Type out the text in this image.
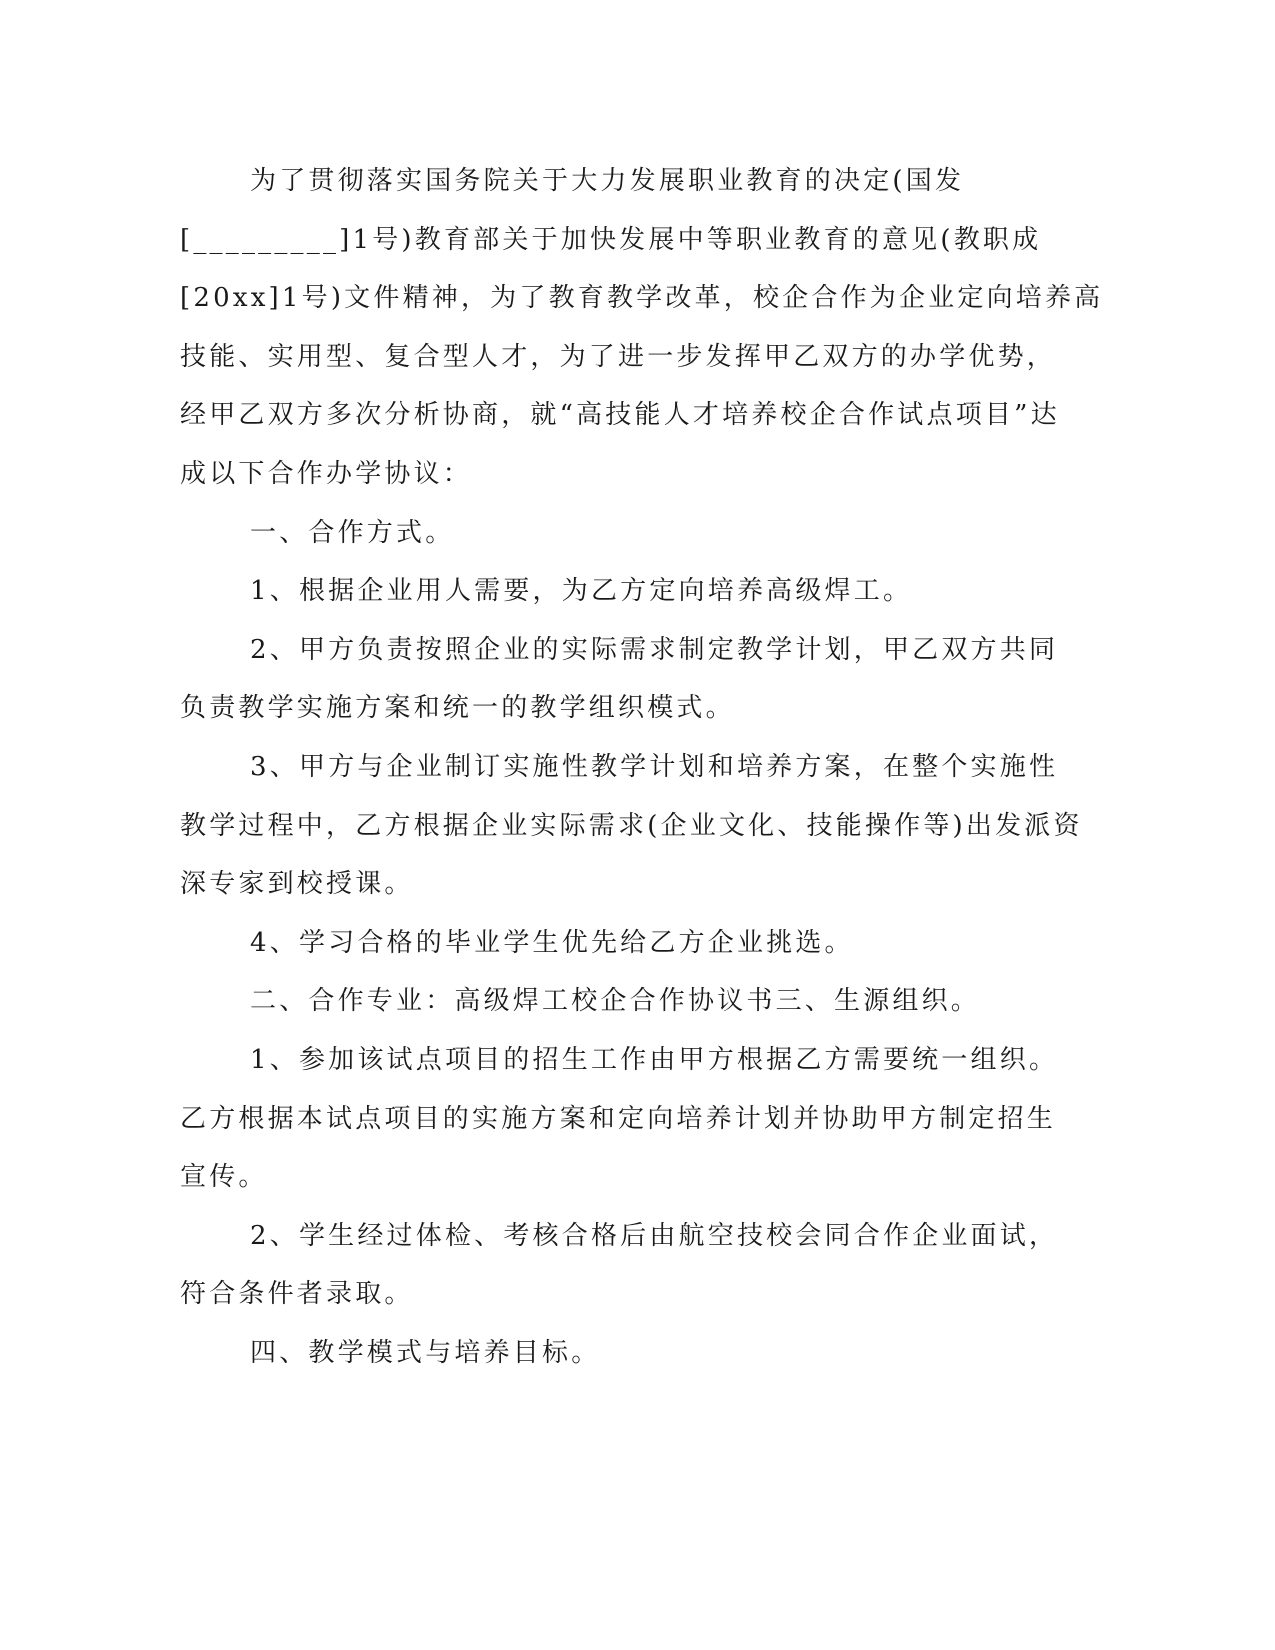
为了贯彻落实国务院关于大力发展职业教育的决定(国发
[_________]1号)教育部关于加快发展中等职业教育的意见(教职成
[20xx]1号)文件精神，为了教育教学改革，校企合作为企业定向培养高
技能、实用型、复合型人才，为了进一步发挥甲乙双方的办学优势，
经甲乙双方多次分析协商，就“高技能人才培养校企合作试点项目”达
成以下合作办学协议：
一、合作方式。
1、根据企业用人需要，为乙方定向培养高级焊工。
2、甲方负责按照企业的实际需求制定教学计划，甲乙双方共同
负责教学实施方案和统一的教学组织模式。
3、甲方与企业制订实施性教学计划和培养方案，在整个实施性
教学过程中，乙方根据企业实际需求(企业文化、技能操作等)出发派资
深专家到校授课。
4、学习合格的毕业学生优先给乙方企业挑选。
二、合作专业：高级焊工校企合作协议书三、生源组织。
1、参加该试点项目的招生工作由甲方根据乙方需要统一组织。
乙方根据本试点项目的实施方案和定向培养计划并协助甲方制定招生
宣传。
2、学生经过体检、考核合格后由航空技校会同合作企业面试，
符合条件者录取。
四、教学模式与培养目标。
